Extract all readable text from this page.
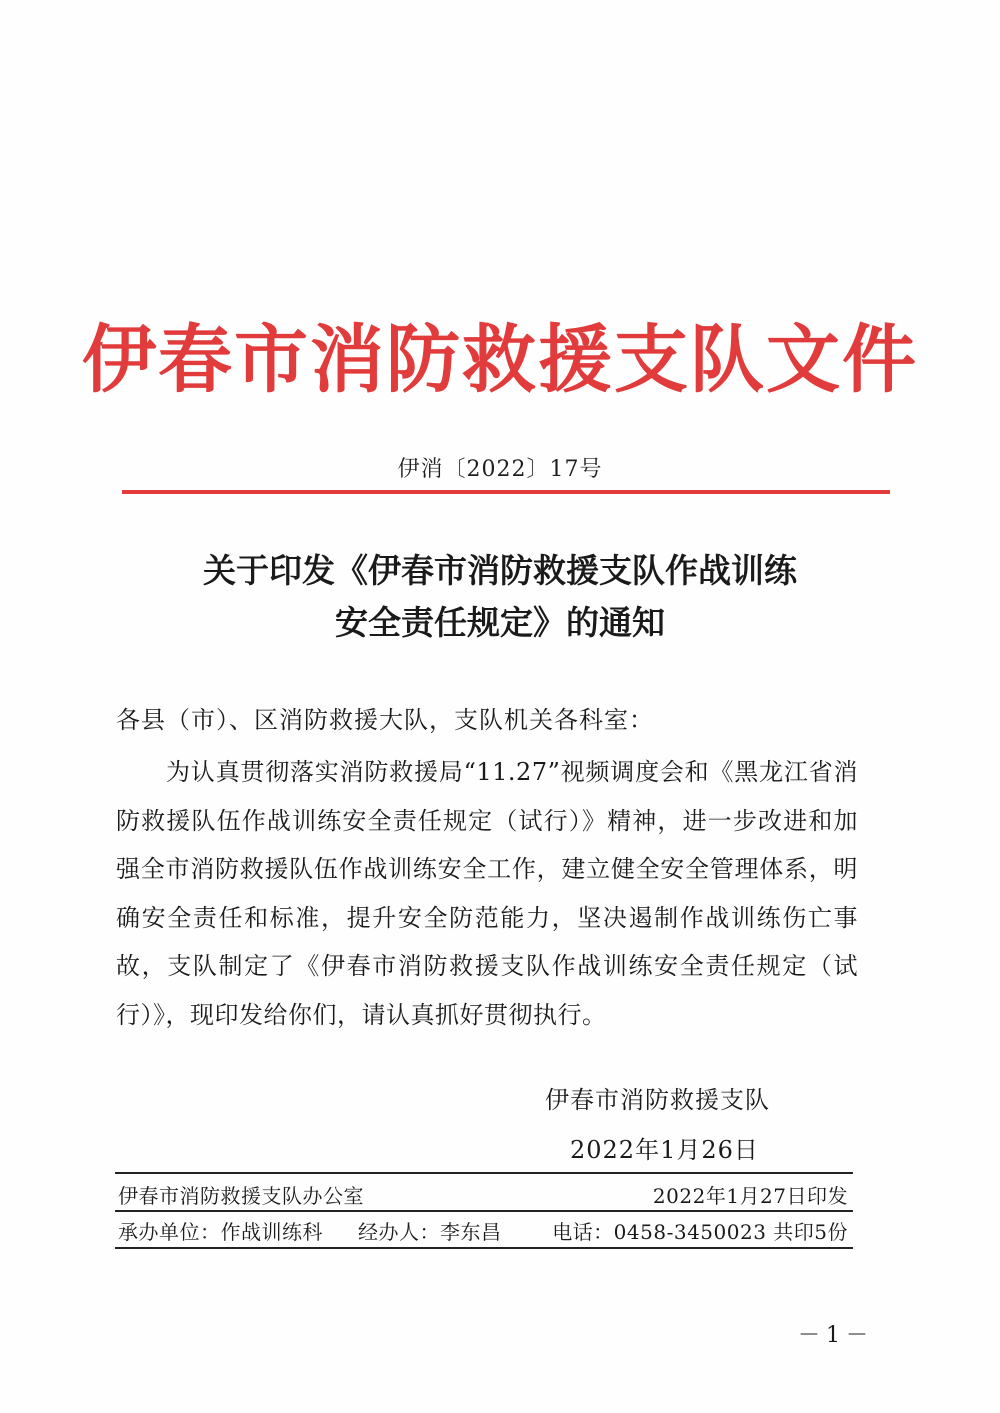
伊春市消防救援支队文件
伊消〔2022〕17号
关于印发《伊春市消防救援支队作战训练
安全责任规定》的通知
各县（市）、区消防救援大队，支队机关各科室：
为认真贯彻落实消防救援局“11.27”视频调度会和《黑龙江省消防救援队伍作战训练安全责任规定（试行）》精神，进一步改进和加强全市消防救援队伍作战训练安全工作，建立健全安全管理体系，明确安全责任和标准，提升安全防范能力，坚决遏制作战训练伤亡事故，支队制定了《伊春市消防救援支队作战训练安全责任规定（试行）》，现印发给你们，请认真抓好贯彻执行。
伊春市消防救援支队
2022年1月26日
伊春市消防救援支队办公室	2022年1月27日印发
承办单位：作战训练科 经办人：李东昌	电话：0458-3450023 共印5份
－1－
